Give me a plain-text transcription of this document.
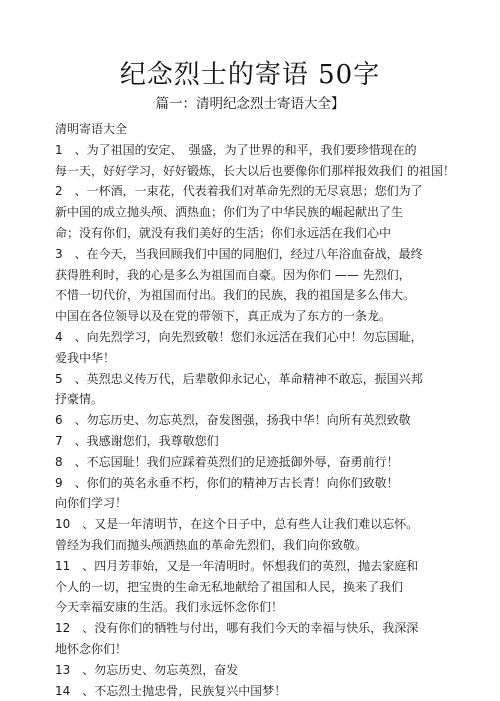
纪念烈士的寄语 50字
篇一：清明纪念烈士寄语大全】
清明寄语大全
1　、为了祖国的安定、　强盛，为了世界的和平，我们要珍惜现在的
每一天，好好学习，好好锻炼，长大以后也要像你们那样报效我们 的祖国！
2　、一杯酒，一束花，代表着我们对革命先烈的无尽哀思；您们为了
新中国的成立抛头颅、洒热血；你们为了中华民族的崛起献出了生
命；没有你们，就没有我们美好的生活；你们永远活在我们心中
3　、在今天，当我回顾我们中国的同胞们，经过八年浴血奋战，最终
获得胜利时，我的心是多么为祖国而自豪。因为你们 —— 先烈们，
不惜一切代价，为祖国而付出。我们的民族，我的祖国是多么伟大。
中国在各位领导以及在党的带领下，真正成为了东方的一条龙。
4　、向先烈学习，向先烈致敬！您们永远活在我们心中！勿忘国耻，
爱我中华！
5　、英烈忠义传万代，后辈敬仰永记心，革命精神不敢忘，振国兴邦
抒豪情。
6　、勿忘历史、勿忘英烈，奋发图强，扬我中华！向所有英烈致敬
7　、我感谢您们，我尊敬您们
8　、不忘国耻！我们应踩着英烈们的足迹抵御外辱，奋勇前行！
9　、你们的英名永垂不朽，你们的精神万古长青！向你们致敬！
向你们学习！
10　、又是一年清明节，在这个日子中，总有些人让我们难以忘怀。
曾经为我们而抛头颅洒热血的革命先烈们，我们向你致敬。
11　、四月芳菲始，又是一年清明时。怀想我们的英烈，抛去家庭和
个人的一切，把宝贵的生命无私地献给了祖国和人民，换来了我们
今天幸福安康的生活。我们永远怀念你们！
12　、没有你们的牺牲与付出，哪有我们今天的幸福与快乐，我深深
地怀念你们！
13　、勿忘历史、勿忘英烈，奋发
14　、不忘烈士抛忠骨，民族复兴中国梦！
